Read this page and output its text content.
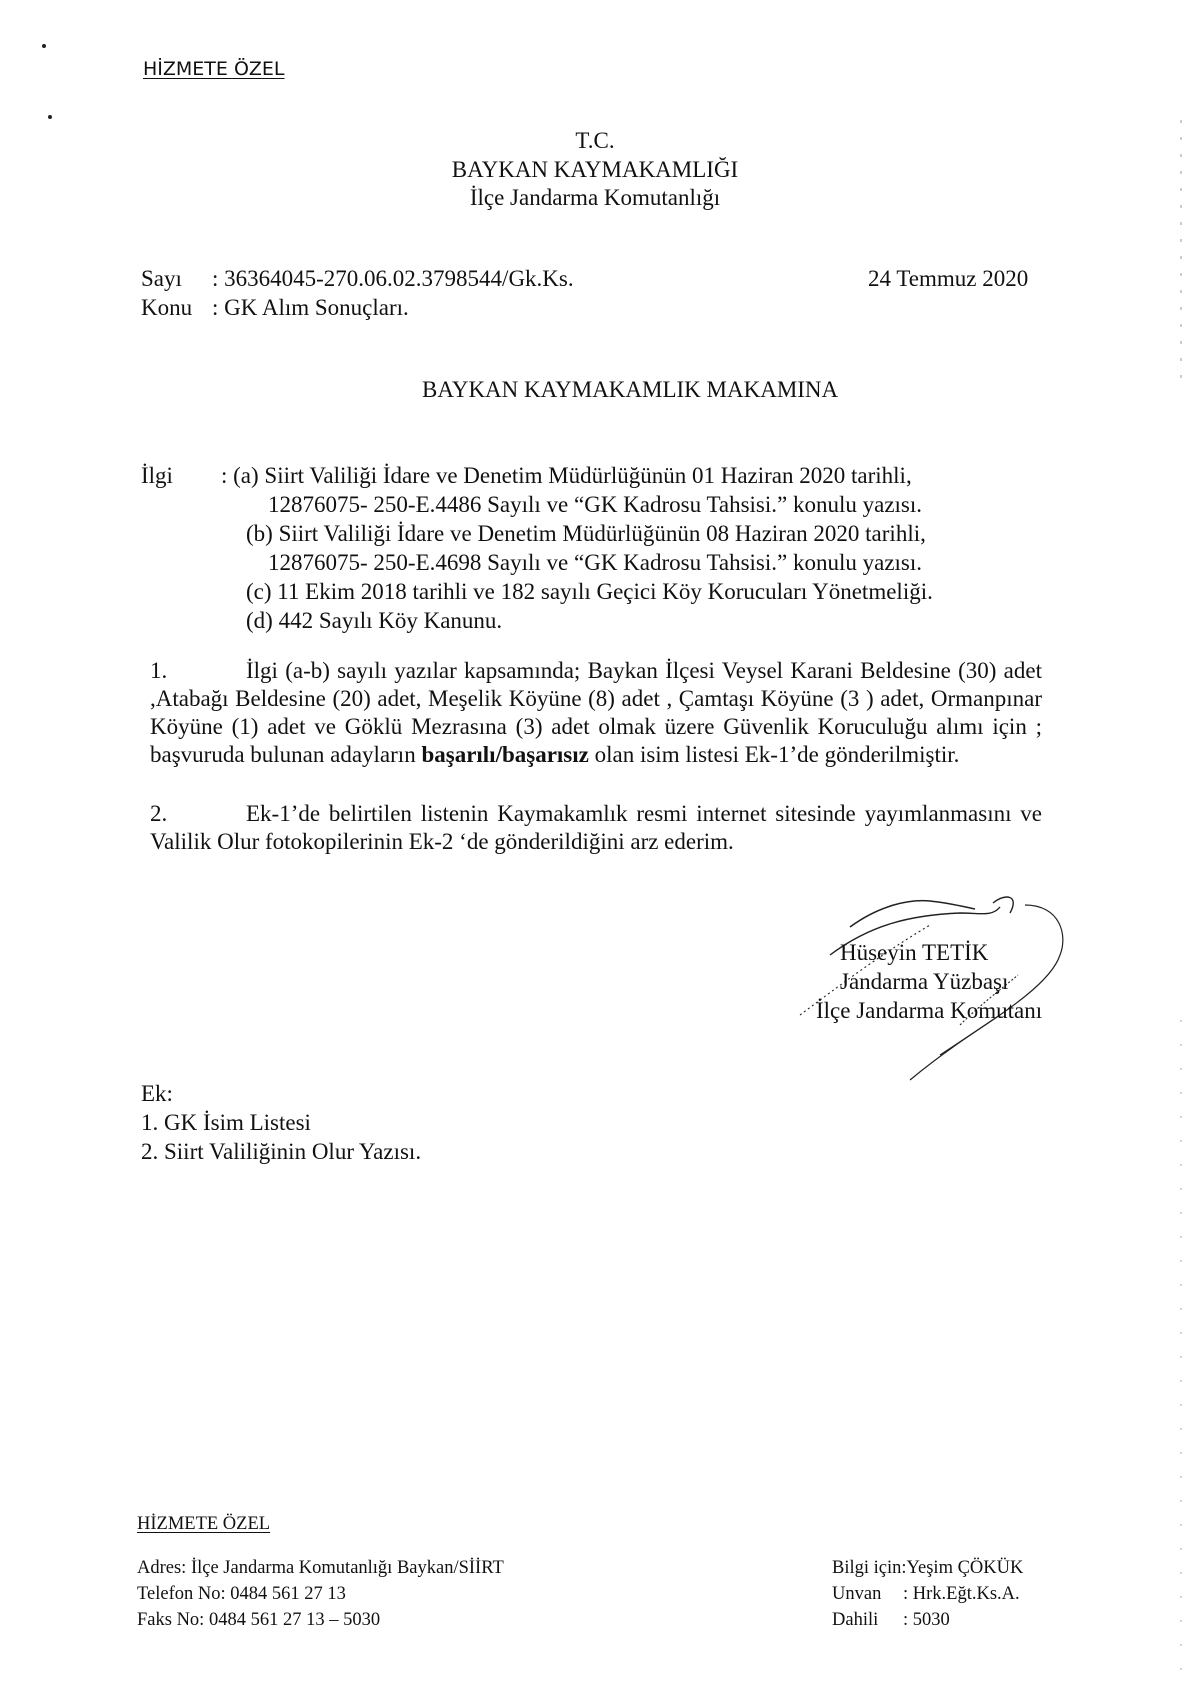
HİZMETE ÖZEL
T.C.
BAYKAN KAYMAKAMLIĞI
İlçe Jandarma Komutanlığı
Sayı : 36364045-270.06.02.3798544/Gk.Ks.	24 Temmuz 2020
Konu : GK Alım Sonuçları.
BAYKAN KAYMAKAMLIK MAKAMINA
İlgi : (a) Siirt Valiliği İdare ve Denetim Müdürlüğünün 01 Haziran 2020 tarihli,
12876075- 250-E.4486 Sayılı ve “GK Kadrosu Tahsisi.” konulu yazısı.
(b) Siirt Valiliği İdare ve Denetim Müdürlüğünün 08 Haziran 2020 tarihli,
12876075- 250-E.4698 Sayılı ve “GK Kadrosu Tahsisi.” konulu yazısı.
(c) 11 Ekim 2018 tarihli ve 182 sayılı Geçici Köy Korucuları Yönetmeliği.
(d) 442 Sayılı Köy Kanunu.
1.	İlgi (a-b) sayılı yazılar kapsamında; Baykan İlçesi Veysel Karani Beldesine (30) adet ,Atabağı Beldesine (20) adet, Meşelik Köyüne (8) adet , Çamtaşı Köyüne (3 ) adet, Ormanpınar Köyüne (1) adet ve Göklü Mezrasına (3) adet olmak üzere Güvenlik Koruculuğu alımı için ; başvuruda bulunan adayların başarılı/başarısız olan isim listesi Ek-1’de gönderilmiştir.
2.	Ek-1’de belirtilen listenin Kaymakamlık resmi internet sitesinde yayımlanmasını ve Valilik Olur fotokopilerinin Ek-2 ‘de gönderildiğini arz ederim.
Hüseyin TETİK
Jandarma Yüzbaşı
İlçe Jandarma Komutanı
Ek:
1. GK İsim Listesi
2. Siirt Valiliğinin Olur Yazısı.
HİZMETE ÖZEL
Adres: İlçe Jandarma Komutanlığı Baykan/SİİRT
Telefon No: 0484 561 27 13
Faks No: 0484 561 27 13 – 5030
Bilgi için:Yeşim ÇÖKÜK
Unvan : Hrk.Eğt.Ks.A.
Dahili : 5030
